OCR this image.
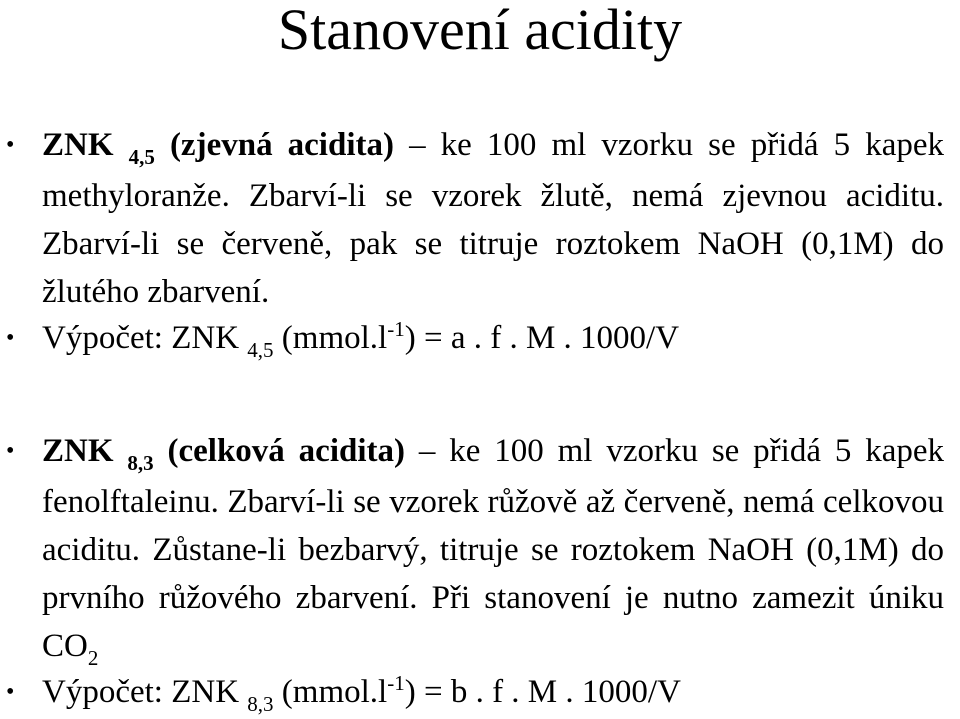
Stanovení acidity
• ZNK $_{4,5}$ (zjevná acidita) – ke 100 ml vzorku se přidá 5 kapek methyloranže. Zbarví-li se vzorek žlutě, nemá zjevnou aciditu. Zbarví-li se červeně, pak se titruje roztokem NaOH (0,1M) do žlutého zbarvení.
• Výpočet: ZNK $_{4,5}$ $(mmol.l^{-1}) = a$ . f . M . 1000/V
• ZNK $_{8,3}$ (celková acidita) – ke 100 ml vzorku se přidá 5 kapek fenolftaleinu. Zbarví-li se vzorek růžově až červeně, nemá celkovou aciditu. Zůstane-li bezbarvý, titruje se roztokem NaOH (0,1M) do prvního růžového zbarvení. Při stanovení je nutno zamezit úniku $CO_2$
• Výpočet: ZNK $_{8,3}$ $(mmol.l^{-1}) = b$ . f . M . 1000/V
